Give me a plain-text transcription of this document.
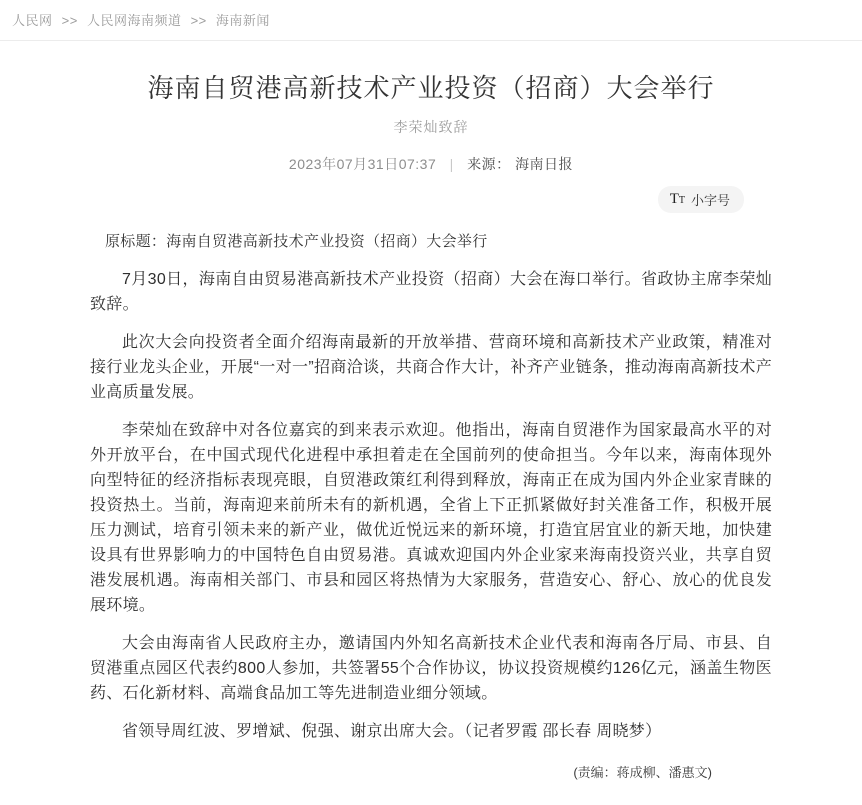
人民网 >> 人民网海南频道 >> 海南新闻
海南自贸港高新技术产业投资（招商）大会举行
李荣灿致辞
2023年07月31日07:37 | 来源： 海南日报
TT 小字号

原标题：海南自贸港高新技术产业投资（招商）大会举行

7月30日，海南自由贸易港高新技术产业投资（招商）大会在海口举行。省政协主席李荣灿致辞。

此次大会向投资者全面介绍海南最新的开放举措、营商环境和高新技术产业政策，精准对接行业龙头企业，开展“一对一”招商洽谈，共商合作大计，补齐产业链条，推动海南高新技术产业高质量发展。

李荣灿在致辞中对各位嘉宾的到来表示欢迎。他指出，海南自贸港作为国家最高水平的对外开放平台，在中国式现代化进程中承担着走在全国前列的使命担当。今年以来，海南体现外向型特征的经济指标表现亮眼，自贸港政策红利得到释放，海南正在成为国内外企业家青睐的投资热土。当前，海南迎来前所未有的新机遇，全省上下正抓紧做好封关准备工作，积极开展压力测试，培育引领未来的新产业，做优近悦远来的新环境，打造宜居宜业的新天地，加快建设具有世界影响力的中国特色自由贸易港。真诚欢迎国内外企业家来海南投资兴业，共享自贸港发展机遇。海南相关部门、市县和园区将热情为大家服务，营造安心、舒心、放心的优良发展环境。

大会由海南省人民政府主办，邀请国内外知名高新技术企业代表和海南各厅局、市县、自贸港重点园区代表约800人参加，共签署55个合作协议，协议投资规模约126亿元，涵盖生物医药、石化新材料、高端食品加工等先进制造业细分领域。

省领导周红波、罗增斌、倪强、谢京出席大会。（记者罗霞 邵长春 周晓梦）

(责编：蒋成柳、潘惠文)
